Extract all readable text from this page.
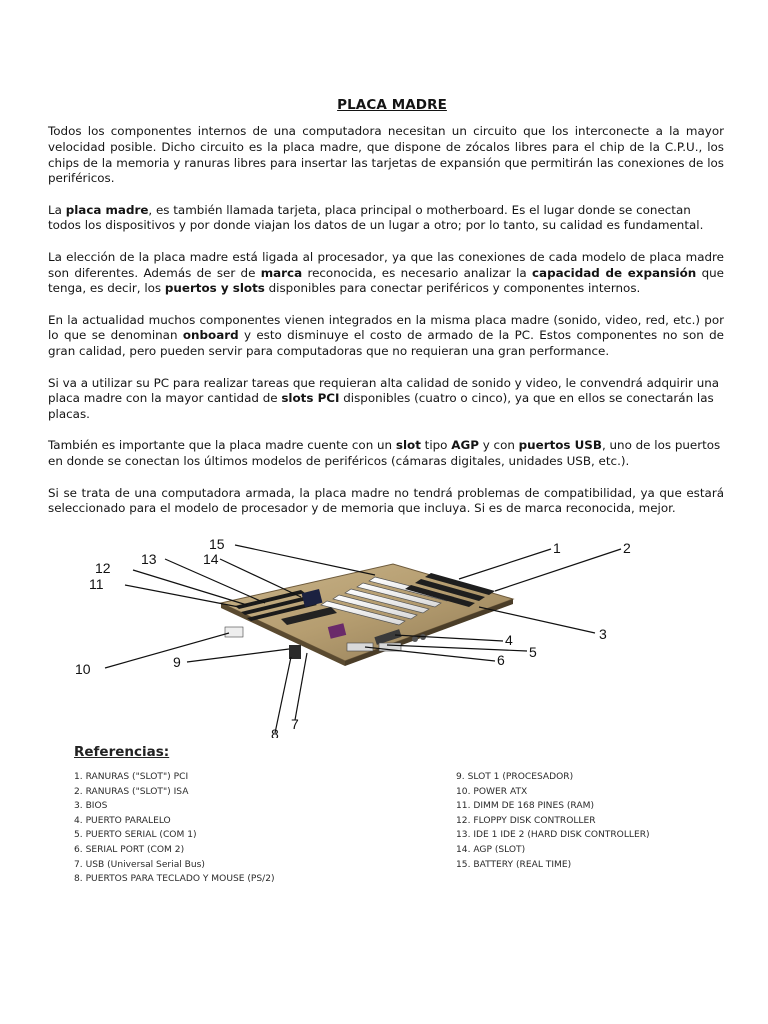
PLACA MADRE

Todos los componentes internos de una computadora necesitan un circuito que los interconecte a la mayor velocidad posible. Dicho circuito es la placa madre, que dispone de zócalos libres para el chip de la C.P.U., los chips de la memoria y ranuras libres para insertar las tarjetas de expansión que permitirán las conexiones de los periféricos.

La placa madre, es también llamada tarjeta, placa principal o motherboard. Es el lugar donde se conectan todos los dispositivos y por donde viajan los datos de un lugar a otro; por lo tanto, su calidad es fundamental.

La elección de la placa madre está ligada al procesador, ya que las conexiones de cada modelo de placa madre son diferentes. Además de ser de marca reconocida, es necesario analizar la capacidad de expansión que tenga, es decir, los puertos y slots disponibles para conectar periféricos y componentes internos.

En la actualidad muchos componentes vienen integrados en la misma placa madre (sonido, video, red, etc.) por lo que se denominan onboard y esto disminuye el costo de armado de la PC. Estos componentes no son de gran calidad, pero pueden servir para computadoras que no requieran una gran performance.

Si va a utilizar su PC para realizar tareas que requieran alta calidad de sonido y video, le convendrá adquirir una placa madre con la mayor cantidad de slots PCI disponibles (cuatro o cinco), ya que en ellos se conectarán las placas.

También es importante que la placa madre cuente con un slot tipo AGP y con puertos USB, uno de los puertos en donde se conectan los últimos modelos de periféricos (cámaras digitales, unidades USB, etc.).

Si se trata de una computadora armada, la placa madre no tendrá problemas de compatibilidad, ya que estará seleccionado para el modelo de procesador y de memoria que incluya. Si es de marca reconocida, mejor.

1	2
3
4
5
6
7
8
9
10
11
12
13	14
15
Referencias:
1. RANURAS ("SLOT") PCI
2. RANURAS ("SLOT") ISA
3. BIOS
4. PUERTO PARALELO
5. PUERTO SERIAL (COM 1)
6. SERIAL PORT (COM 2)
7. USB (Universal Serial Bus)
8. PUERTOS PARA TECLADO Y MOUSE (PS/2)
9. SLOT 1 (PROCESADOR)
10. POWER ATX
11. DIMM DE 168 PINES (RAM)
12. FLOPPY DISK CONTROLLER
13. IDE 1 IDE 2 (HARD DISK CONTROLLER)
14. AGP (SLOT)
15. BATTERY (REAL TIME)
